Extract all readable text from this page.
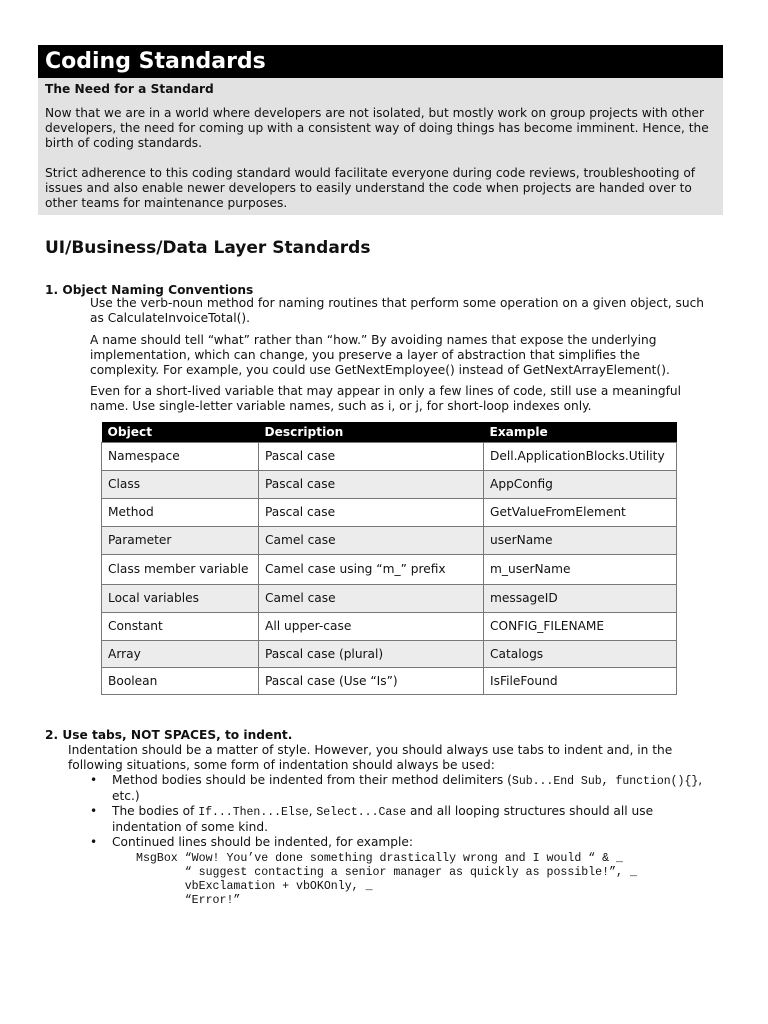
Coding Standards
The Need for a Standard

Now that we are in a world where developers are not isolated, but mostly work on group projects with other developers, the need for coming up with a consistent way of doing things has become imminent. Hence, the birth of coding standards.

Strict adherence to this coding standard would facilitate everyone during code reviews, troubleshooting of issues and also enable newer developers to easily understand the code when projects are handed over to other teams for maintenance purposes.

UI/Business/Data Layer Standards
1. Object Naming Conventions

Use the verb-noun method for naming routines that perform some operation on a given object, such as CalculateInvoiceTotal().

A name should tell “what” rather than “how.” By avoiding names that expose the underlying implementation, which can change, you preserve a layer of abstraction that simplifies the complexity. For example, you could use GetNextEmployee() instead of GetNextArrayElement().

Even for a short-lived variable that may appear in only a few lines of code, still use a meaningful name. Use single-letter variable names, such as i, or j, for short-loop indexes only.

Object	Description	Example
Namespace	Pascal case	Dell.ApplicationBlocks.Utility
Class	Pascal case	AppConfig
Method	Pascal case	GetValueFromElement
Parameter	Camel case	userName
Class member variable	Camel case using “m_” prefix	m_userName
Local variables	Camel case	messageID
Constant	All upper-case	CONFIG_FILENAME
Array	Pascal case (plural)	Catalogs
Boolean	Pascal case (Use “Is”)	IsFileFound
2. Use tabs, NOT SPACES, to indent.

Indentation should be a matter of style. However, you should always use tabs to indent and, in the following situations, some form of indentation should always be used:

• Method bodies should be indented from their method delimiters (Sub...End Sub, function(){}, etc.)
• The bodies of If...Then...Else, Select...Case and all looping structures should all use indentation of some kind.
• Continued lines should be indented, for example:
MsgBox “Wow! You’ve done something drastically wrong and I would “ & _
“ suggest contacting a senior manager as quickly as possible!”, _
vbExclamation + vbOKOnly, _
“Error!”
